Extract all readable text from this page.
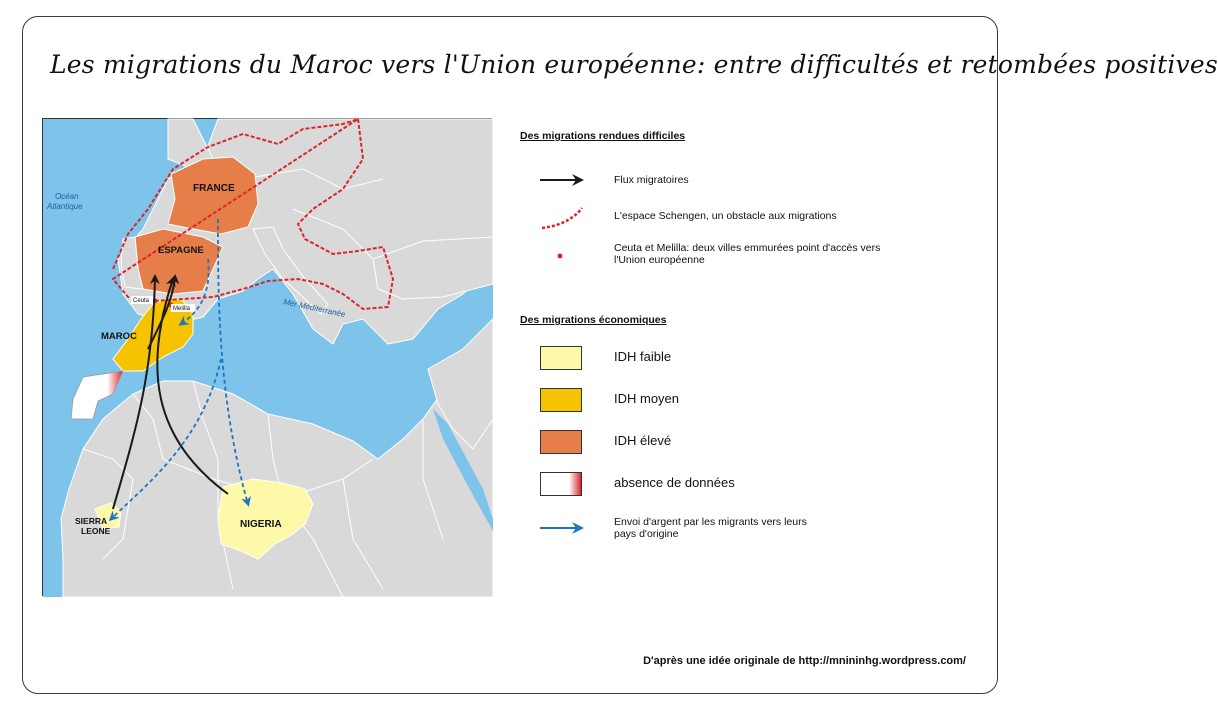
Les migrations du Maroc vers l'Union européenne: entre difficultés et retombées positives
Ceuta
Melilla
FRANCE
ESPAGNE
MAROC
NIGERIA
SIERRA
LEONE
Océan
Atlantique
Mer Méditerranée
Des migrations rendues difficiles
Flux migratoires
L'espace Schengen, un obstacle aux migrations
Ceuta et Melilla: deux villes emmurées point d'accès vers
l'Union européenne
Des migrations économiques
IDH faible
IDH moyen
IDH élevé
absence de données
Envoi d'argent par les migrants vers leurs
pays d'origine
D'après une idée originale de http://mnininhg.wordpress.com/
